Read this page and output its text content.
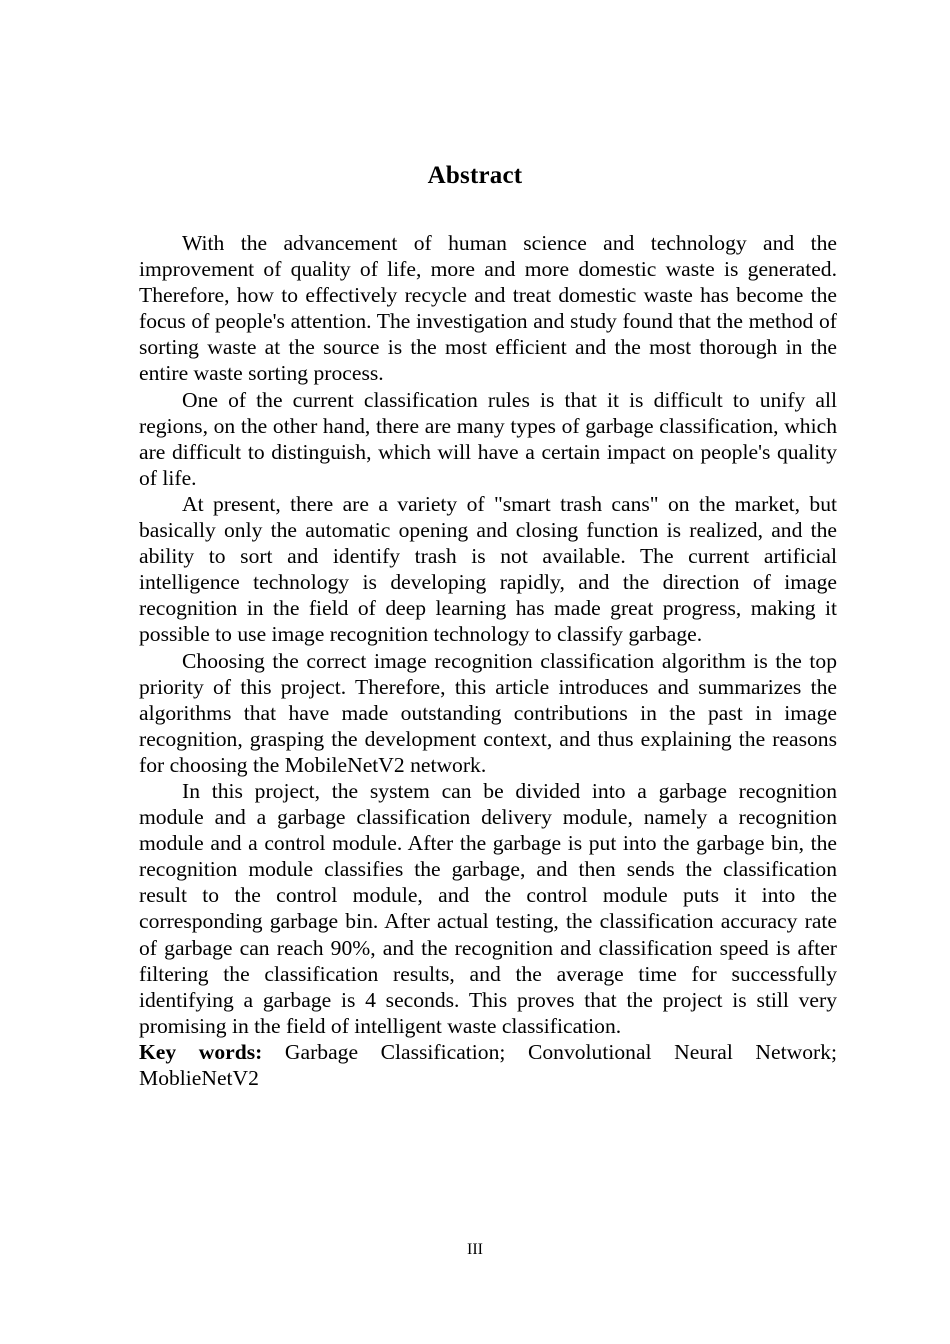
Abstract

With the advancement of human science and technology and the improvement of quality of life, more and more domestic waste is generated. Therefore, how to effectively recycle and treat domestic waste has become the focus of people's attention. The investigation and study found that the method of sorting waste at the source is the most efficient and the most thorough in the entire waste sorting process.

One of the current classification rules is that it is difficult to unify all regions, on the other hand, there are many types of garbage classification, which are difficult to distinguish, which will have a certain impact on people's quality of life.

At present, there are a variety of "smart trash cans" on the market, but basically only the automatic opening and closing function is realized, and the ability to sort and identify trash is not available. The current artificial intelligence technology is developing rapidly, and the direction of image recognition in the field of deep learning has made great progress, making it possible to use image recognition technology to classify garbage.

Choosing the correct image recognition classification algorithm is the top priority of this project. Therefore, this article introduces and summarizes the algorithms that have made outstanding contributions in the past in image recognition, grasping the development context, and thus explaining the reasons for choosing the MobileNetV2 network.

In this project, the system can be divided into a garbage recognition module and a garbage classification delivery module, namely a recognition module and a control module. After the garbage is put into the garbage bin, the recognition module classifies the garbage, and then sends the classification result to the control module, and the control module puts it into the corresponding garbage bin. After actual testing, the classification accuracy rate of garbage can reach 90%, and the recognition and classification speed is after filtering the classification results, and the average time for successfully identifying a garbage is 4 seconds. This proves that the project is still very promising in the field of intelligent waste classification.

Key words: Garbage Classification; Convolutional Neural Network; MoblieNetV2

III
